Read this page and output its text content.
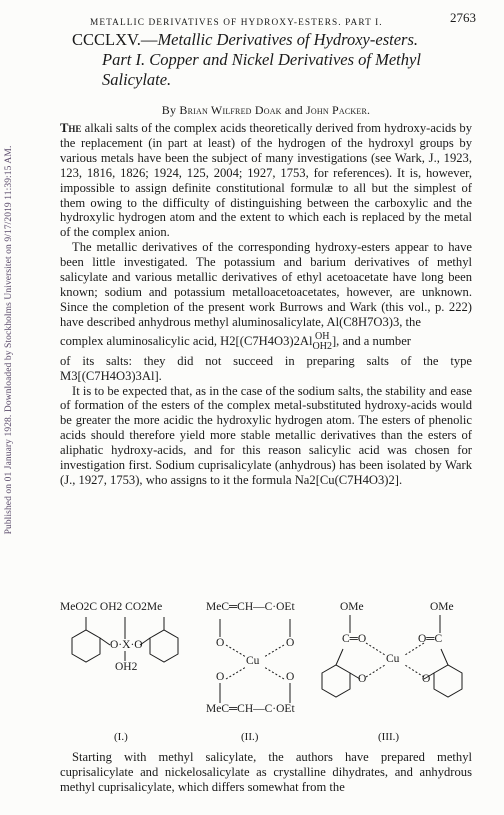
Published on 01 January 1928. Downloaded by Stockholms Universitet on 9/17/2019 11:39:15 AM.
METALLIC DERIVATIVES OF HYDROXY-ESTERS. PART I.	2763
CCCLXV.—Metallic Derivatives of Hydroxy-esters.
Part I. Copper and Nickel Derivatives of Methyl
Salicylate.
By Brian Wilfred Doak and John Packer.

The alkali salts of the complex acids theoretically derived from hydroxy-acids by the replacement (in part at least) of the hydrogen of the hydroxyl groups by various metals have been the subject of many investigations (see Wark, J., 1923, 123, 1816, 1826; 1924, 125, 2004; 1927, 1753, for references). It is, however, impossible to assign definite constitutional formulæ to all but the simplest of them owing to the difficulty of distinguishing between the carboxylic and the hydroxylic hydrogen atom and the extent to which each is replaced by the metal of the complex anion.

The metallic derivatives of the corresponding hydroxy-esters appear to have been little investigated. The potassium and barium derivatives of methyl salicylate and various metallic derivatives of ethyl acetoacetate have long been known; sodium and potassium metalloacetoacetates, however, are unknown. Since the completion of the present work Burrows and Wark (this vol., p. 222) have described anhydrous methyl aluminosalicylate, Al(C8H7O3)3, the

complex aluminosalicylic acid, H2[(C7H4O3)2Al OH
OH2], and a number

of its salts: they did not succeed in preparing salts of the type M3[(C7H4O3)3Al].

It is to be expected that, as in the case of the sodium salts, the stability and ease of formation of the esters of the complex metal-substituted hydroxy-acids would be greater the more acidic the hydroxylic hydrogen atom. The esters of phenolic acids should therefore yield more stable metallic derivatives than the esters of aliphatic hydroxy-acids, and for this reason salicylic acid was chosen for investigation first. Sodium cuprisalicylate (anhydrous) has been isolated by Wark (J., 1927, 1753), who assigns to it the formula Na2[Cu(C7H4O3)2].

MeO2C OH2 CO2Me
O·X·O
OH2
MeC═CH—C·OEt
O	O
Cu
O	O
MeC═CH—C·OEt
OMe	OMe
C═O	O═C
Cu
O	O
(I.)	(II.)	(III.)

Starting with methyl salicylate, the authors have prepared methyl cuprisalicylate and nickelosalicylate as crystalline dihydrates, and anhydrous methyl cuprisalicylate, which differs somewhat from the
